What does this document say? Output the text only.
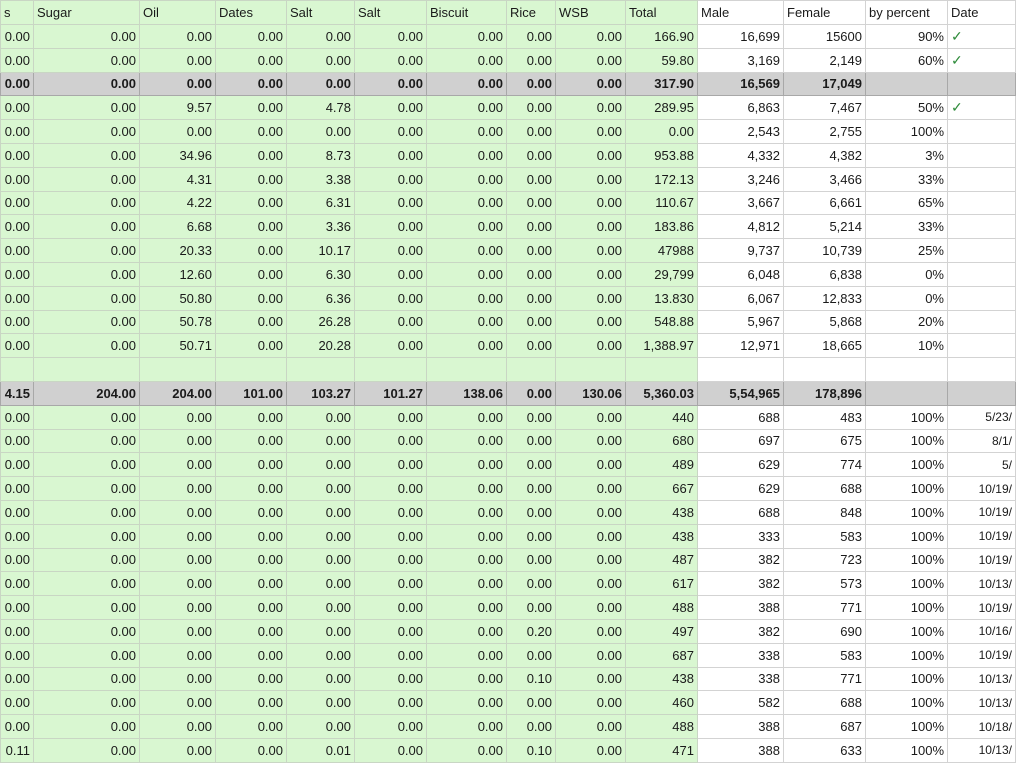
s	Sugar	Oil	Dates	Salt	Salt	Biscuit	Rice	WSB	Total	Male	Female	by percent	Date
0.00	0.00	0.00	0.00	0.00	0.00	0.00	0.00	0.00	166.90	16,699	15600	90%	✓
0.00	0.00	0.00	0.00	0.00	0.00	0.00	0.00	0.00	59.80	3,169	2,149	60%	✓
0.00	0.00	0.00	0.00	0.00	0.00	0.00	0.00	0.00	317.90	16,569	17,049		
0.00	0.00	9.57	0.00	4.78	0.00	0.00	0.00	0.00	289.95	6,863	7,467	50%	✓
0.00	0.00	0.00	0.00	0.00	0.00	0.00	0.00	0.00	0.00	2,543	2,755	100%	
0.00	0.00	34.96	0.00	8.73	0.00	0.00	0.00	0.00	953.88	4,332	4,382	3%	
0.00	0.00	4.31	0.00	3.38	0.00	0.00	0.00	0.00	172.13	3,246	3,466	33%	
0.00	0.00	4.22	0.00	6.31	0.00	0.00	0.00	0.00	110.67	3,667	6,661	65%	
0.00	0.00	6.68	0.00	3.36	0.00	0.00	0.00	0.00	183.86	4,812	5,214	33%	
0.00	0.00	20.33	0.00	10.17	0.00	0.00	0.00	0.00	47988	9,737	10,739	25%	
0.00	0.00	12.60	0.00	6.30	0.00	0.00	0.00	0.00	29,799	6,048	6,838	0%	
0.00	0.00	50.80	0.00	6.36	0.00	0.00	0.00	0.00	13.830	6,067	12,833	0%	
0.00	0.00	50.78	0.00	26.28	0.00	0.00	0.00	0.00	548.88	5,967	5,868	20%	
0.00	0.00	50.71	0.00	20.28	0.00	0.00	0.00	0.00	1,388.97	12,971	18,665	10%	

4.15	204.00	204.00	101.00	103.27	101.27	138.06	0.00	130.06	5,360.03	5,54,965	178,896		
0.00	0.00	0.00	0.00	0.00	0.00	0.00	0.00	0.00	440	688	483	100%	5/23/
0.00	0.00	0.00	0.00	0.00	0.00	0.00	0.00	0.00	680	697	675	100%	8/1/
0.00	0.00	0.00	0.00	0.00	0.00	0.00	0.00	0.00	489	629	774	100%	5/
0.00	0.00	0.00	0.00	0.00	0.00	0.00	0.00	0.00	667	629	688	100%	10/19/
0.00	0.00	0.00	0.00	0.00	0.00	0.00	0.00	0.00	438	688	848	100%	10/19/
0.00	0.00	0.00	0.00	0.00	0.00	0.00	0.00	0.00	438	333	583	100%	10/19/
0.00	0.00	0.00	0.00	0.00	0.00	0.00	0.00	0.00	487	382	723	100%	10/19/
0.00	0.00	0.00	0.00	0.00	0.00	0.00	0.00	0.00	617	382	573	100%	10/13/
0.00	0.00	0.00	0.00	0.00	0.00	0.00	0.00	0.00	488	388	771	100%	10/19/
0.00	0.00	0.00	0.00	0.00	0.00	0.00	0.20	0.00	497	382	690	100%	10/16/
0.00	0.00	0.00	0.00	0.00	0.00	0.00	0.00	0.00	687	338	583	100%	10/19/
0.00	0.00	0.00	0.00	0.00	0.00	0.00	0.10	0.00	438	338	771	100%	10/13/
0.00	0.00	0.00	0.00	0.00	0.00	0.00	0.00	0.00	460	582	688	100%	10/13/
0.00	0.00	0.00	0.00	0.00	0.00	0.00	0.00	0.00	488	388	687	100%	10/18/
0.11	0.00	0.00	0.00	0.01	0.00	0.00	0.10	0.00	471	388	633	100%	10/13/
